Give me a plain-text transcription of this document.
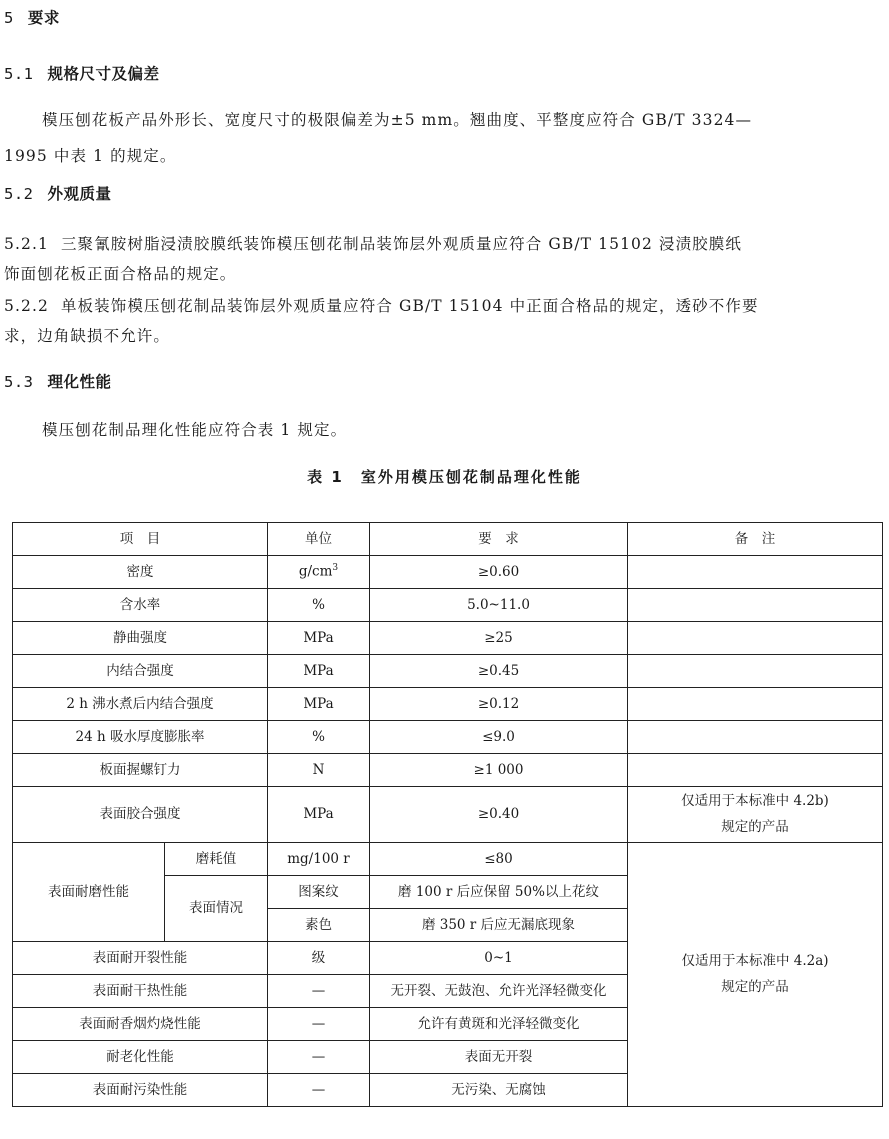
5 要求
5.1 规格尺寸及偏差
模压刨花板产品外形长、宽度尺寸的极限偏差为±5 mm。翘曲度、平整度应符合 GB/T 3324—
1995 中表 1 的规定。
5.2 外观质量
5.2.1 三聚氰胺树脂浸渍胶膜纸装饰模压刨花制品装饰层外观质量应符合 GB/T 15102 浸渍胶膜纸
饰面刨花板正面合格品的规定。
5.2.2 单板装饰模压刨花制品装饰层外观质量应符合 GB/T 15104 中正面合格品的规定，透砂不作要
求，边角缺损不允许。
5.3 理化性能
模压刨花制品理化性能应符合表 1 规定。
表 1　室外用模压刨花制品理化性能
项　目		单位	要　求	备　注
密度		$g/cm^3$	≥0.60	
含水率		%	5.0~11.0	
静曲强度		MPa	≥25	
内结合强度		MPa	≥0.45	
2 h 沸水煮后内结合强度		MPa	≥0.12	
24 h 吸水厚度膨胀率		%	≤9.0	
板面握螺钉力		N	≥1 000	
表面胶合强度		MPa	≥0.40	仅适用于本标准中 4.2b)
规定的产品

表面耐磨性能	磨耗值	mg/100 r	≤80	仅适用于本标准中 4.2a)
规定的产品

	表面情况	图案纹	磨 100 r 后应保留 50%以上花纹	
		素色	磨 350 r 后应无漏底现象	
表面耐开裂性能		级	0~1	
表面耐干热性能		—	无开裂、无鼓泡、允许光泽轻微变化	
表面耐香烟灼烧性能		—	允许有黄斑和光泽轻微变化	
耐老化性能		—	表面无开裂	
表面耐污染性能		—	无污染、无腐蚀	
